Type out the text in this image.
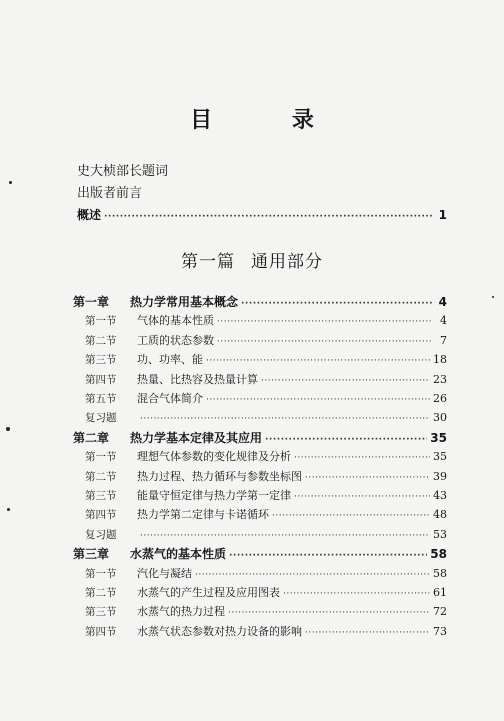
目 录
史大桢部长题词
出版者前言
概述 ·····	1
第一篇 通用部分
第一章	热力学常用基本概念 ·····	4
第一节	气体的基本性质 ·····	4
第二节	工质的状态参数 ·····	7
第三节	功、功率、能 ·····	18
第四节	热量、比热容及热量计算 ·····	23
第五节	混合气体简介 ·····	26
复习题 ·····	30
第二章	热力学基本定律及其应用 ·····	35
第一节	理想气体参数的变化规律及分析 ·····	35
第二节	热力过程、热力循环与参数坐标图 ·····	39
第三节	能量守恒定律与热力学第一定律 ·····	43
第四节	热力学第二定律与卡诺循环 ·····	48
复习题 ·····	53
第三章	水蒸气的基本性质 ·····	58
第一节	汽化与凝结 ·····	58
第二节	水蒸气的产生过程及应用图表 ·····	61
第三节	水蒸气的热力过程 ·····	72
第四节	水蒸气状态参数对热力设备的影响 ·····	73
